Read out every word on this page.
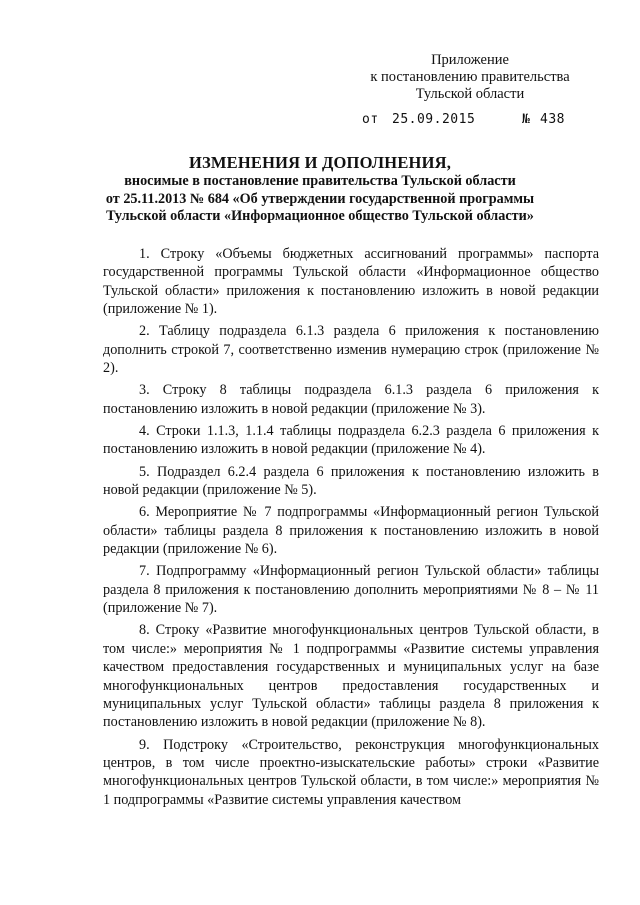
Приложение
к постановлению правительства
Тульской области
от 25.09.2015	№ 438
ИЗМЕНЕНИЯ И ДОПОЛНЕНИЯ,
вносимые в постановление правительства Тульской области
от 25.11.2013 № 684 «Об утверждении государственной программы
Тульской области «Информационное общество Тульской области»

1. Строку «Объемы бюджетных ассигнований программы» паспорта государственной программы Тульской области «Информационное общество Тульской области» приложения к постановлению изложить в новой редакции (приложение № 1).

2. Таблицу подраздела 6.1.3 раздела 6 приложения к постановлению дополнить строкой 7, соответственно изменив нумерацию строк (приложение № 2).

3. Строку 8 таблицы подраздела 6.1.3 раздела 6 приложения к постановлению изложить в новой редакции (приложение № 3).

4. Строки 1.1.3, 1.1.4 таблицы подраздела 6.2.3 раздела 6 приложения к постановлению изложить в новой редакции (приложение № 4).

5. Подраздел 6.2.4 раздела 6 приложения к постановлению изложить в новой редакции (приложение № 5).

6. Мероприятие № 7 подпрограммы «Информационный регион Тульской области» таблицы раздела 8 приложения к постановлению изложить в новой редакции (приложение № 6).

7. Подпрограмму «Информационный регион Тульской области» таблицы раздела 8 приложения к постановлению дополнить мероприятиями № 8 – № 11 (приложение № 7).

8. Строку «Развитие многофункциональных центров Тульской области, в том числе:» мероприятия № 1 подпрограммы «Развитие системы управления качеством предоставления государственных и муниципальных услуг на базе многофункциональных центров предоставления государственных и муниципальных услуг Тульской области» таблицы раздела 8 приложения к постановлению изложить в новой редакции (приложение № 8).

9. Подстроку «Строительство, реконструкция многофункциональных центров, в том числе проектно-изыскательские работы» строки «Развитие многофункциональных центров Тульской области, в том числе:» мероприятия № 1 подпрограммы «Развитие системы управления качеством
